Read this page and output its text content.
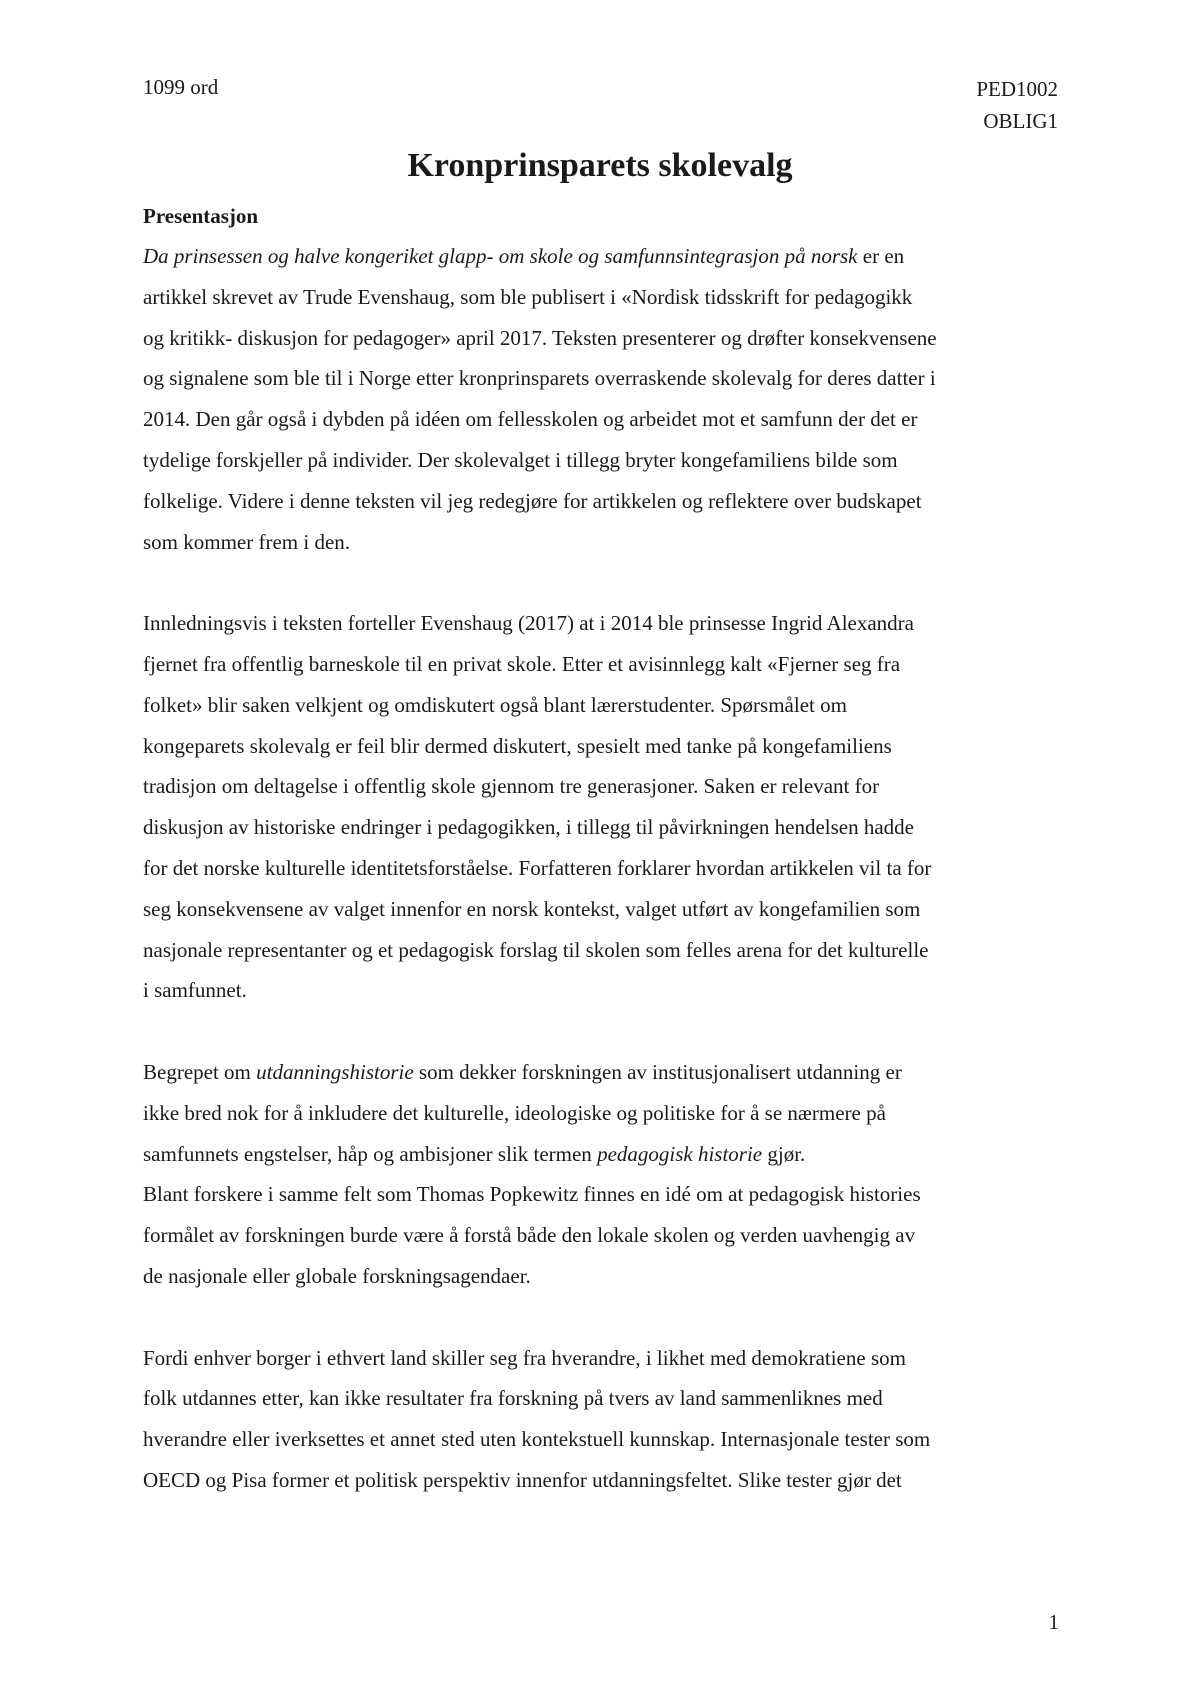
1099 ord	PED1002
OBLIG1
Kronprinsparets skolevalg
Presentasjon
Da prinsessen og halve kongeriket glapp- om skole og samfunnsintegrasjon på norsk er en
artikkel skrevet av Trude Evenshaug, som ble publisert i «Nordisk tidsskrift for pedagogikk
og kritikk- diskusjon for pedagoger» april 2017. Teksten presenterer og drøfter konsekvensene
og signalene som ble til i Norge etter kronprinsparets overraskende skolevalg for deres datter i
2014. Den går også i dybden på idéen om fellesskolen og arbeidet mot et samfunn der det er
tydelige forskjeller på individer. Der skolevalget i tillegg bryter kongefamiliens bilde som
folkelige. Videre i denne teksten vil jeg redegjøre for artikkelen og reflektere over budskapet
som kommer frem i den.
Innledningsvis i teksten forteller Evenshaug (2017) at i 2014 ble prinsesse Ingrid Alexandra
fjernet fra offentlig barneskole til en privat skole. Etter et avisinnlegg kalt «Fjerner seg fra
folket» blir saken velkjent og omdiskutert også blant lærerstudenter. Spørsmålet om
kongeparets skolevalg er feil blir dermed diskutert, spesielt med tanke på kongefamiliens
tradisjon om deltagelse i offentlig skole gjennom tre generasjoner. Saken er relevant for
diskusjon av historiske endringer i pedagogikken, i tillegg til påvirkningen hendelsen hadde
for det norske kulturelle identitetsforståelse. Forfatteren forklarer hvordan artikkelen vil ta for
seg konsekvensene av valget innenfor en norsk kontekst, valget utført av kongefamilien som
nasjonale representanter og et pedagogisk forslag til skolen som felles arena for det kulturelle
i samfunnet.
Begrepet om utdanningshistorie som dekker forskningen av institusjonalisert utdanning er
ikke bred nok for å inkludere det kulturelle, ideologiske og politiske for å se nærmere på
samfunnets engstelser, håp og ambisjoner slik termen pedagogisk historie gjør.
Blant forskere i samme felt som Thomas Popkewitz finnes en idé om at pedagogisk histories
formålet av forskningen burde være å forstå både den lokale skolen og verden uavhengig av
de nasjonale eller globale forskningsagendaer.
Fordi enhver borger i ethvert land skiller seg fra hverandre, i likhet med demokratiene som
folk utdannes etter, kan ikke resultater fra forskning på tvers av land sammenliknes med
hverandre eller iverksettes et annet sted uten kontekstuell kunnskap. Internasjonale tester som
OECD og Pisa former et politisk perspektiv innenfor utdanningsfeltet. Slike tester gjør det
1
